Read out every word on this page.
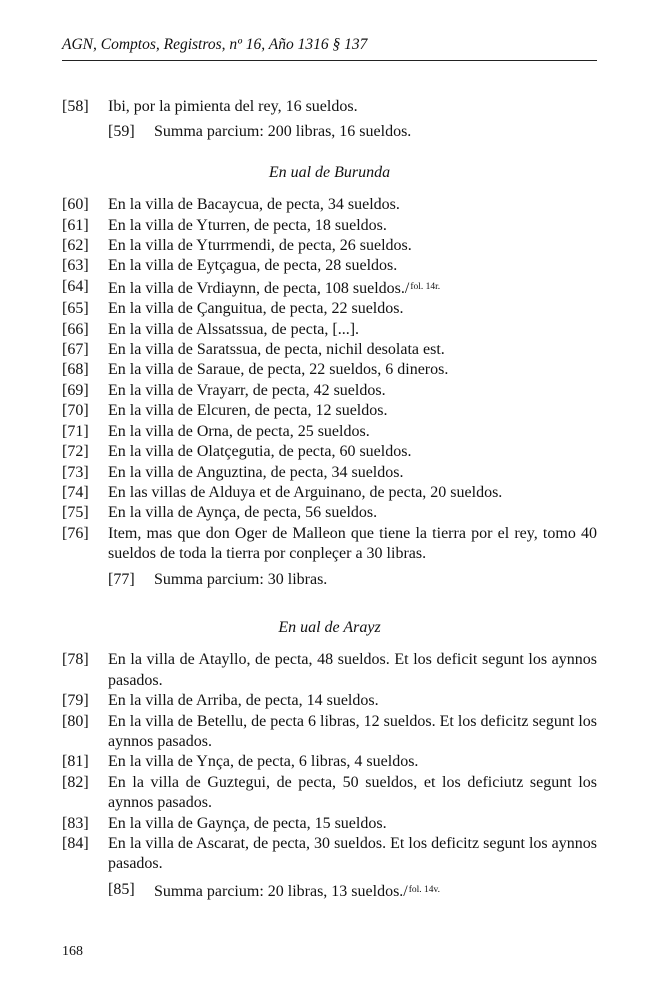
AGN, Comptos, Registros, nº 16, Año 1316 § 137
[58]	Ibi, por la pimienta del rey, 16 sueldos.
[59]	Summa parcium: 200 libras, 16 sueldos.
En ual de Burunda
[60]	En la villa de Bacaycua, de pecta, 34 sueldos.
[61]	En la villa de Yturren, de pecta, 18 sueldos.
[62]	En la villa de Yturrmendi, de pecta, 26 sueldos.
[63]	En la villa de Eytçagua, de pecta, 28 sueldos.
[64]	En la villa de Vrdiaynn, de pecta, 108 sueldos./$^{fol. 14r.}$
[65]	En la villa de Çanguitua, de pecta, 22 sueldos.
[66]	En la villa de Alssatssua, de pecta, [...].
[67]	En la villa de Saratssua, de pecta, nichil desolata est.
[68]	En la villa de Saraue, de pecta, 22 sueldos, 6 dineros.
[69]	En la villa de Vrayarr, de pecta, 42 sueldos.
[70]	En la villa de Elcuren, de pecta, 12 sueldos.
[71]	En la villa de Orna, de pecta, 25 sueldos.
[72]	En la villa de Olatçegutia, de pecta, 60 sueldos.
[73]	En la villa de Anguztina, de pecta, 34 sueldos.
[74]	En las villas de Alduya et de Arguinano, de pecta, 20 sueldos.
[75]	En la villa de Aynça, de pecta, 56 sueldos.
[76]	Item, mas que don Oger de Malleon que tiene la tierra por el rey, tomo 40 sueldos de toda la tierra por conpleçer a 30 libras.
[77]	Summa parcium: 30 libras.
En ual de Arayz
[78]	En la villa de Atayllo, de pecta, 48 sueldos. Et los deficit segunt los aynnos pasados.
[79]	En la villa de Arriba, de pecta, 14 sueldos.
[80]	En la villa de Betellu, de pecta 6 libras, 12 sueldos. Et los deficitz segunt los aynnos pasados.
[81]	En la villa de Ynça, de pecta, 6 libras, 4 sueldos.
[82]	En la villa de Guztegui, de pecta, 50 sueldos, et los deficiutz segunt los aynnos pasados.
[83]	En la villa de Gaynça, de pecta, 15 sueldos.
[84]	En la villa de Ascarat, de pecta, 30 sueldos. Et los deficitz segunt los aynnos pasados.
[85]	Summa parcium: 20 libras, 13 sueldos./$^{fol. 14v.}$
168
